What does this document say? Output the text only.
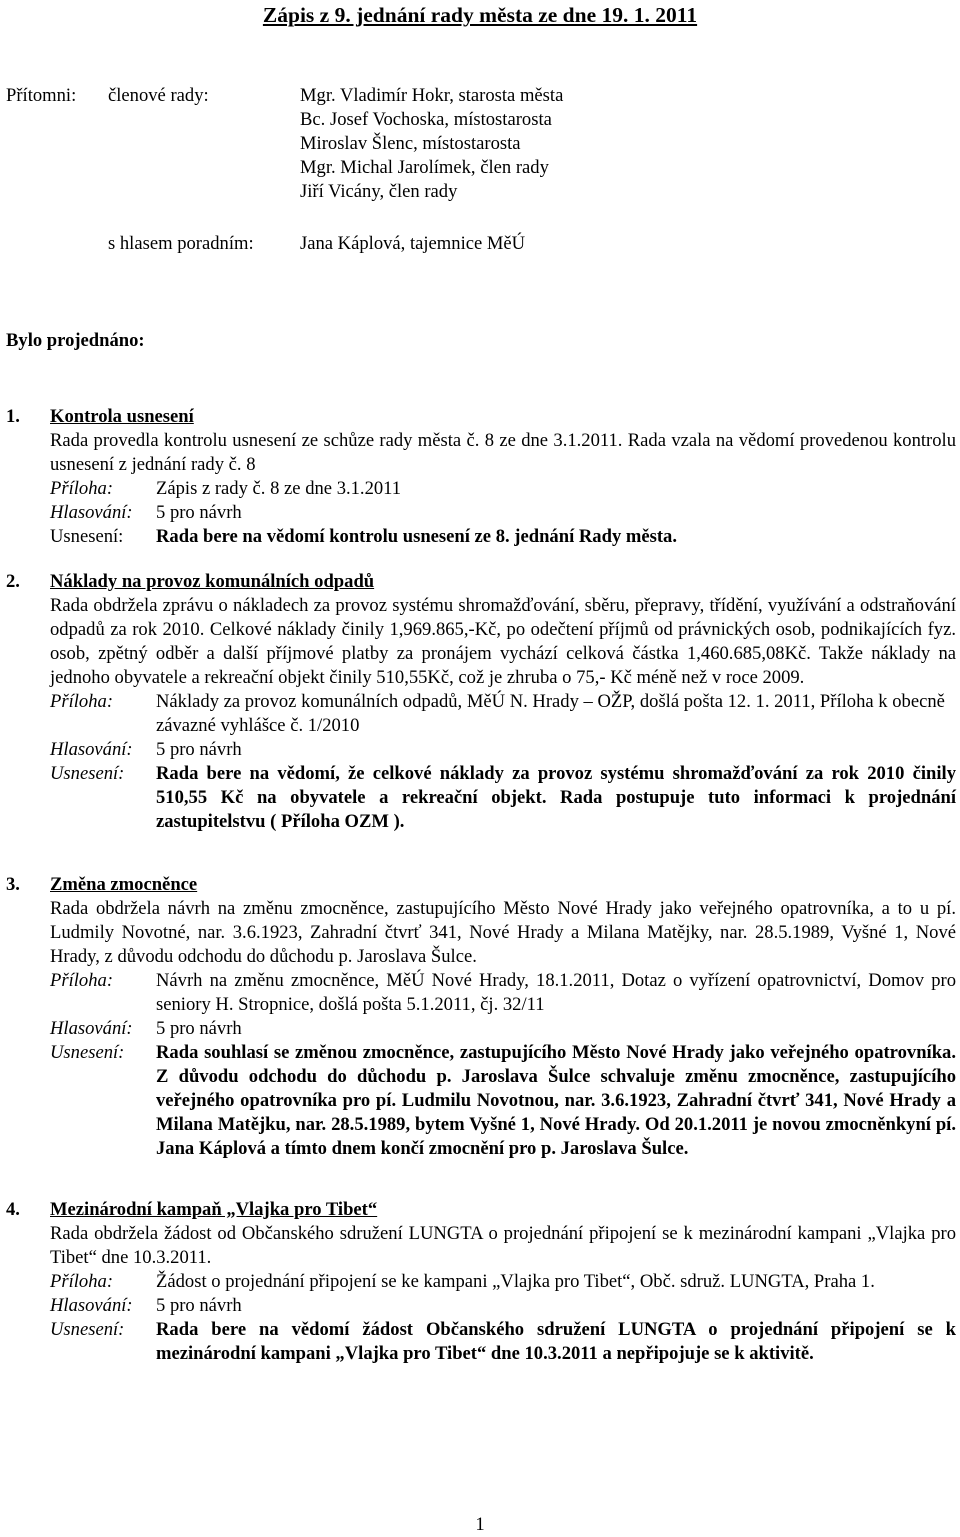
Zápis z 9. jednání rady města ze dne 19. 1. 2011
Přítomni: členové rady:	Mgr. Vladimír Hokr, starosta města
Bc. Josef Vochoska, místostarosta
Miroslav Šlenc, místostarosta
Mgr. Michal Jarolímek, člen rady
Jiří Vicány, člen rady
s hlasem poradním: Jana Káplová, tajemnice MěÚ
Bylo projednáno:
1. Kontrola usnesení
Rada provedla kontrolu usnesení ze schůze rady města č. 8 ze dne 3.1.2011. Rada vzala na vědomí provedenou kontrolu usnesení z jednání rady č. 8
Příloha:	Zápis z rady č. 8 ze dne 3.1.2011
Hlasování:	5 pro návrh
Usnesení:	Rada bere na vědomí kontrolu usnesení ze 8. jednání Rady města.
2. Náklady na provoz komunálních odpadů
Rada obdržela zprávu o nákladech za provoz systému shromažďování, sběru, přepravy, třídění, využívání a odstraňování odpadů za rok 2010. Celkové náklady činily 1,969.865,-Kč, po odečtení příjmů od právnických osob, podnikajících fyz. osob, zpětný odběr a další příjmové platby za pronájem vychází celková částka 1,460.685,08Kč. Takže náklady na jednoho obyvatele a rekreační objekt činily 510,55Kč, což je zhruba o 75,- Kč méně než v roce 2009.
Příloha:	Náklady za provoz komunálních odpadů, MěÚ N. Hrady – OŽP, došlá pošta 12. 1. 2011, Příloha k obecně závazné vyhlášce č. 1/2010
Hlasování:	5 pro návrh
Usnesení:	Rada bere na vědomí, že celkové náklady za provoz systému shromažďování za rok 2010 činily 510,55 Kč na obyvatele a rekreační objekt. Rada postupuje tuto informaci k projednání zastupitelstvu ( Příloha OZM ).
3. Změna zmocněnce
Rada obdržela návrh na změnu zmocněnce, zastupujícího Město Nové Hrady jako veřejného opatrovníka, a to u pí. Ludmily Novotné, nar. 3.6.1923, Zahradní čtvrť 341, Nové Hrady a Milana Matějky, nar. 28.5.1989, Vyšné 1, Nové Hrady, z důvodu odchodu do důchodu p. Jaroslava Šulce.
Příloha:	Návrh na změnu zmocněnce, MěÚ Nové Hrady, 18.1.2011, Dotaz o vyřízení opatrovnictví, Domov pro seniory H. Stropnice, došlá pošta 5.1.2011, čj. 32/11
Hlasování:	5 pro návrh
Usnesení:	Rada souhlasí se změnou zmocněnce, zastupujícího Město Nové Hrady jako veřejného opatrovníka. Z důvodu odchodu do důchodu p. Jaroslava Šulce schvaluje změnu zmocněnce, zastupujícího veřejného opatrovníka pro pí. Ludmilu Novotnou, nar. 3.6.1923, Zahradní čtvrť 341, Nové Hrady a Milana Matějku, nar. 28.5.1989, bytem Vyšné 1, Nové Hrady. Od 20.1.2011 je novou zmocněnkyní pí. Jana Káplová a tímto dnem končí zmocnění pro p. Jaroslava Šulce.
4. Mezinárodní kampaň „Vlajka pro Tibet“
Rada obdržela žádost od Občanského sdružení LUNGTA o projednání připojení se k mezinárodní kampani „Vlajka pro Tibet“ dne 10.3.2011.
Příloha:	Žádost o projednání připojení se ke kampani „Vlajka pro Tibet“, Obč. sdruž. LUNGTA, Praha 1.
Hlasování:	5 pro návrh
Usnesení:	Rada bere na vědomí žádost Občanského sdružení LUNGTA o projednání připojení se k mezinárodní kampani „Vlajka pro Tibet“ dne 10.3.2011 a nepřipojuje se k aktivitě.
1
